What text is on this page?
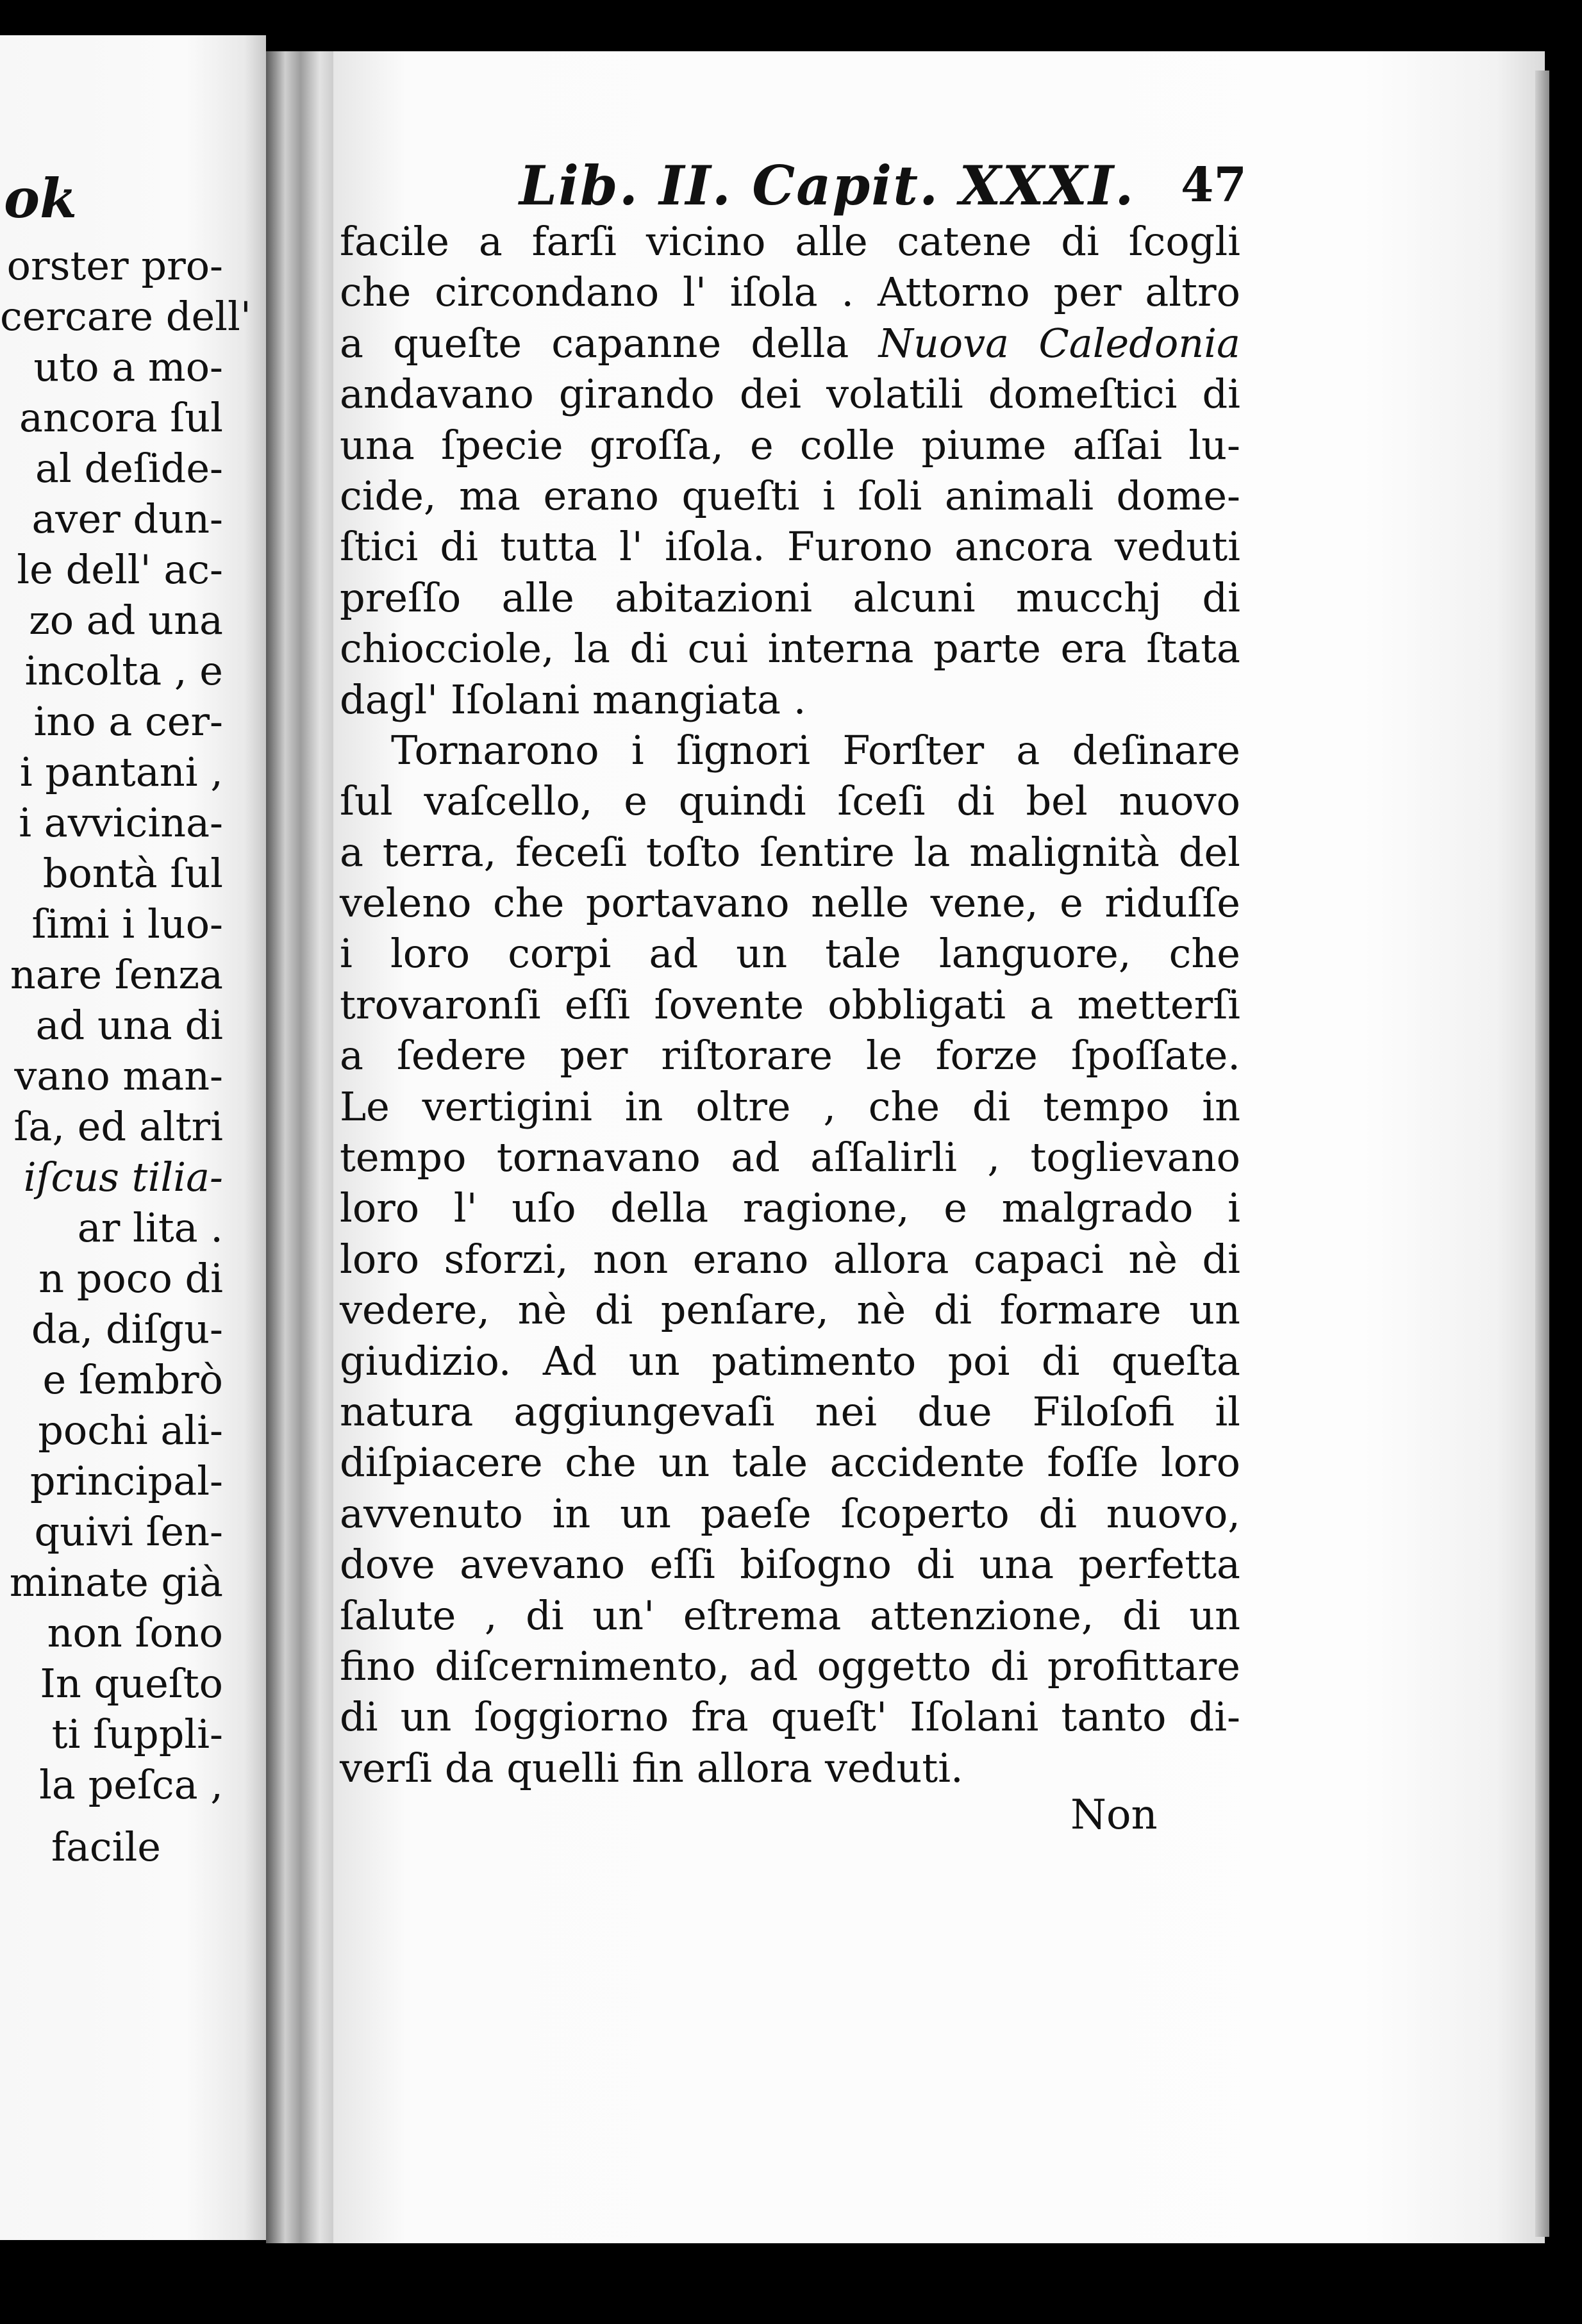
ok
orster pro-
cercare dell'
uto a mo-
ancora ſul
al deſide-
aver dun-
le dell' ac-
zo ad una
incolta , e
ino a cer-
i pantani ,
i avvicina-
bontà ſul
ſimi i luo-
nare ſenza
ad una di
vano man-
ſa, ed altri
iſcus tilia-
ar lita .
n poco di
da, diſgu-
e ſembrò
pochi ali-
principal-
quivi ſen-
minate già
non ſono
In queſto
ti ſuppli-
la peſca ,
facile
Lib. II. Capit. XXXI. 47
facile a farſi vicino alle catene di ſcogli
che circondano l' iſola . Attorno per altro
a queſte capanne della Nuova Caledonia
andavano girando dei volatili domeſtici di
una ſpecie groſſa, e colle piume aſſai lu-
cide, ma erano queſti i ſoli animali dome-
ſtici di tutta l' iſola. Furono ancora veduti
preſſo alle abitazioni alcuni mucchj di
chiocciole, la di cui interna parte era ſtata
dagl' Iſolani mangiata .
Tornarono i ſignori Forſter a deſinare
ſul vaſcello, e quindi ſceſi di bel nuovo
a terra, feceſi toſto ſentire la malignità del
veleno che portavano nelle vene, e riduſſe
i loro corpi ad un tale languore, che
trovaronſi eſſi ſovente obbligati a metterſi
a ſedere per riſtorare le forze ſpoſſate.
Le vertigini in oltre , che di tempo in
tempo tornavano ad aſſalirli , toglievano
loro l' uſo della ragione, e malgrado i
loro sforzi, non erano allora capaci nè di
vedere, nè di penſare, nè di formare un
giudizio. Ad un patimento poi di queſta
natura aggiungevaſi nei due Filoſofi il
diſpiacere che un tale accidente foſſe loro
avvenuto in un paeſe ſcoperto di nuovo,
dove avevano eſſi biſogno di una perfetta
ſalute , di un' eſtrema attenzione, di un
fino diſcernimento, ad oggetto di profittare
di un ſoggiorno fra queſt' Iſolani tanto di-
verſi da quelli fin allora veduti.
Non
